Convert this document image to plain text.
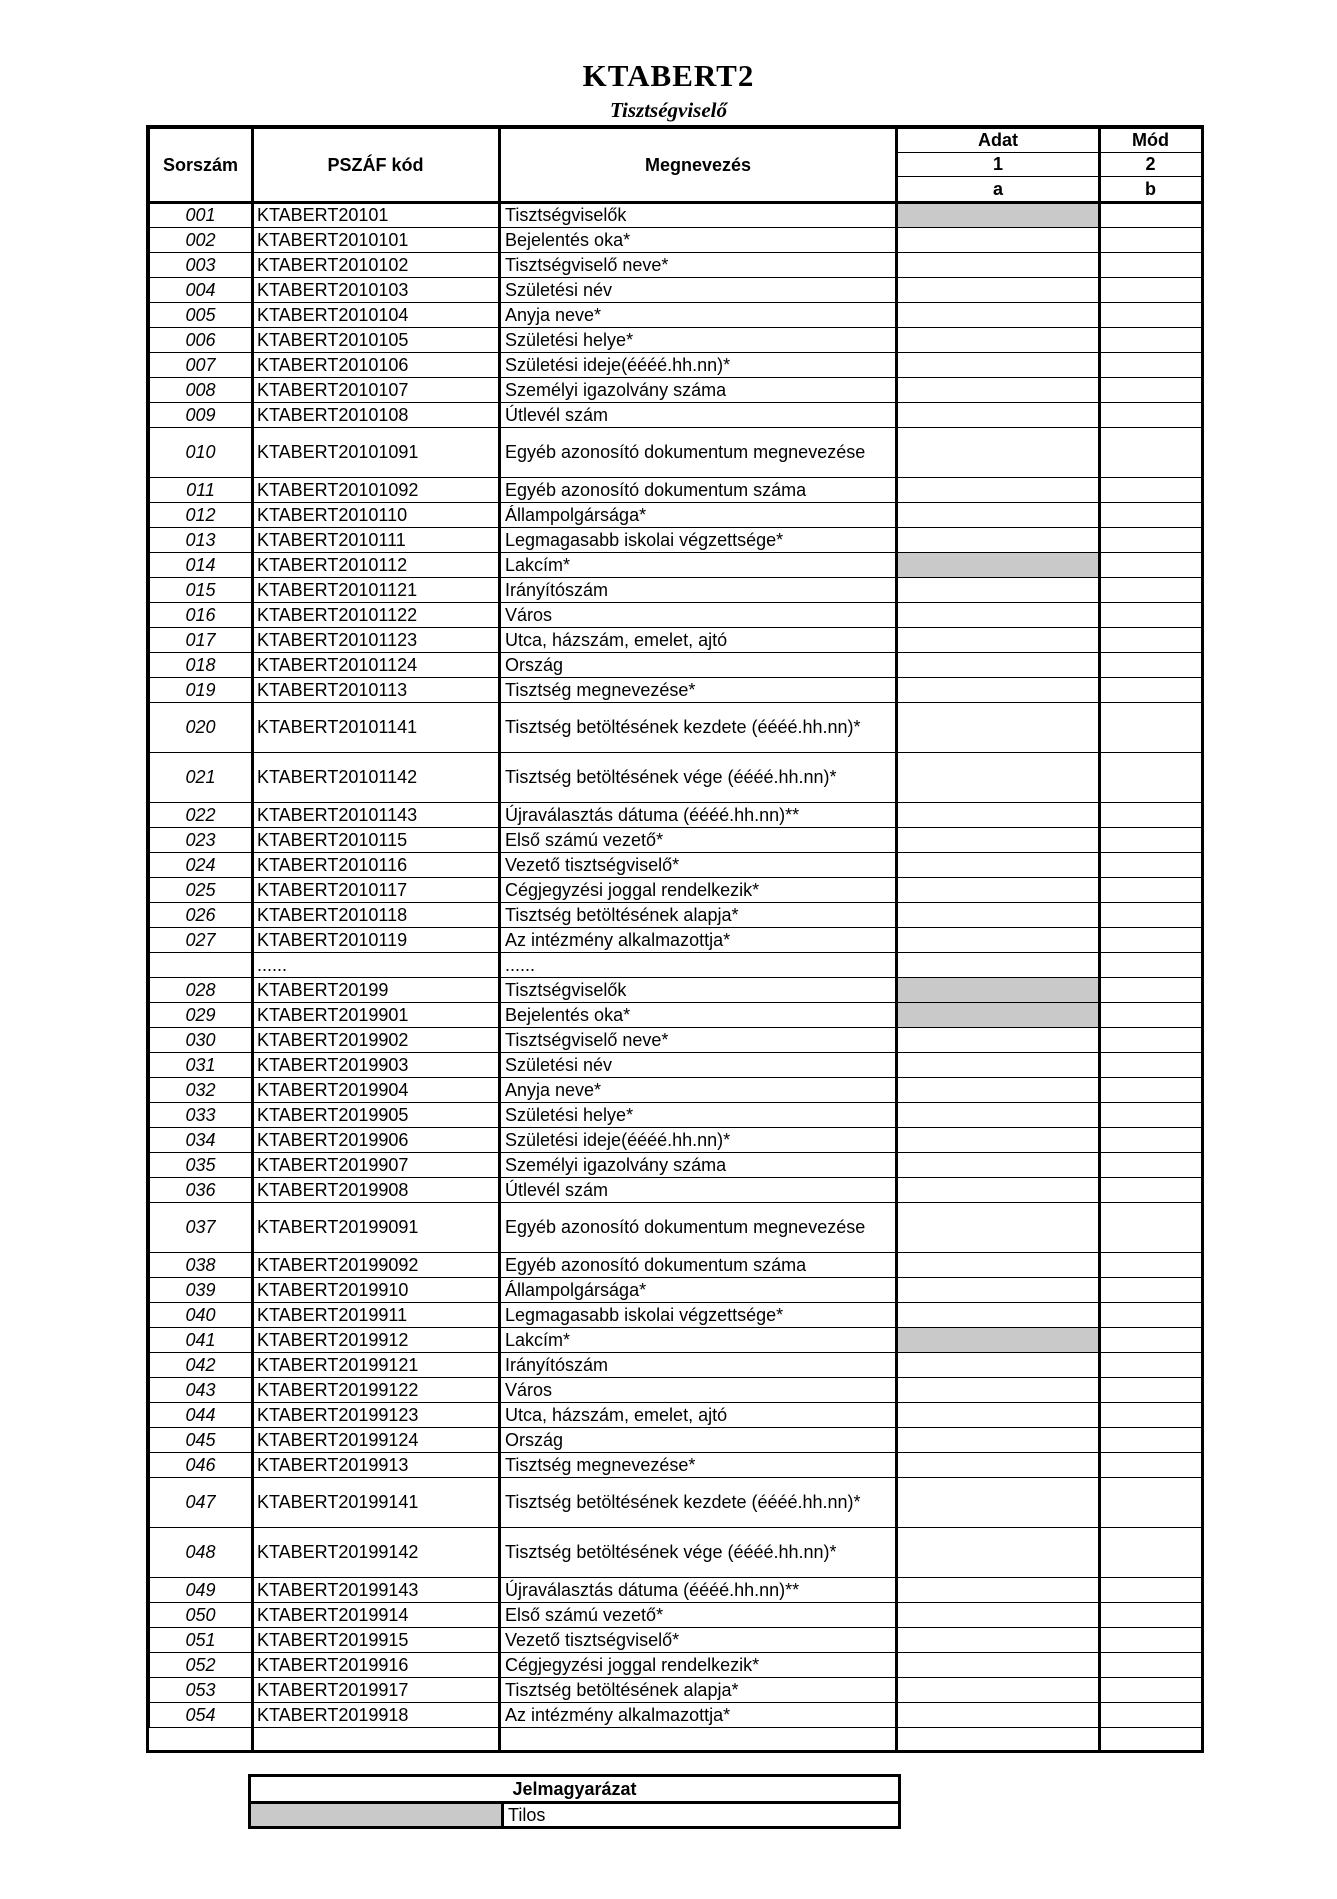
KTABERT2
Tisztségviselő
Sorszám	PSZÁF kód	Megnevezés	Adat	Mód
			1	2
			a	b
001	KTABERT20101	Tisztségviselők		
002	KTABERT2010101	Bejelentés oka*		
003	KTABERT2010102	Tisztségviselő neve*		
004	KTABERT2010103	Születési név		
005	KTABERT2010104	Anyja neve*		
006	KTABERT2010105	Születési helye*		
007	KTABERT2010106	Születési ideje(éééé.hh.nn)*		
008	KTABERT2010107	Személyi igazolvány száma		
009	KTABERT2010108	Útlevél szám		
010	KTABERT20101091	Egyéb azonosító dokumentum megnevezése		
011	KTABERT20101092	Egyéb azonosító dokumentum száma		
012	KTABERT2010110	Állampolgársága*		
013	KTABERT2010111	Legmagasabb iskolai végzettsége*		
014	KTABERT2010112	Lakcím*		
015	KTABERT20101121	Irányítószám		
016	KTABERT20101122	Város		
017	KTABERT20101123	Utca, házszám, emelet, ajtó		
018	KTABERT20101124	Ország		
019	KTABERT2010113	Tisztség megnevezése*		
020	KTABERT20101141	Tisztség betöltésének kezdete (éééé.hh.nn)*		
021	KTABERT20101142	Tisztség betöltésének vége (éééé.hh.nn)*		
022	KTABERT20101143	Újraválasztás dátuma (éééé.hh.nn)**		
023	KTABERT2010115	Első számú vezető*		
024	KTABERT2010116	Vezető tisztségviselő*		
025	KTABERT2010117	Cégjegyzési joggal rendelkezik*		
026	KTABERT2010118	Tisztség betöltésének alapja*		
027	KTABERT2010119	Az intézmény alkalmazottja*		
	......	......		
028	KTABERT20199	Tisztségviselők		
029	KTABERT2019901	Bejelentés oka*		
030	KTABERT2019902	Tisztségviselő neve*		
031	KTABERT2019903	Születési név		
032	KTABERT2019904	Anyja neve*		
033	KTABERT2019905	Születési helye*		
034	KTABERT2019906	Születési ideje(éééé.hh.nn)*		
035	KTABERT2019907	Személyi igazolvány száma		
036	KTABERT2019908	Útlevél szám		
037	KTABERT20199091	Egyéb azonosító dokumentum megnevezése		
038	KTABERT20199092	Egyéb azonosító dokumentum száma		
039	KTABERT2019910	Állampolgársága*		
040	KTABERT2019911	Legmagasabb iskolai végzettsége*		
041	KTABERT2019912	Lakcím*		
042	KTABERT20199121	Irányítószám		
043	KTABERT20199122	Város		
044	KTABERT20199123	Utca, házszám, emelet, ajtó		
045	KTABERT20199124	Ország		
046	KTABERT2019913	Tisztség megnevezése*		
047	KTABERT20199141	Tisztség betöltésének kezdete (éééé.hh.nn)*		
048	KTABERT20199142	Tisztség betöltésének vége (éééé.hh.nn)*		
049	KTABERT20199143	Újraválasztás dátuma (éééé.hh.nn)**		
050	KTABERT2019914	Első számú vezető*		
051	KTABERT2019915	Vezető tisztségviselő*		
052	KTABERT2019916	Cégjegyzési joggal rendelkezik*		
053	KTABERT2019917	Tisztség betöltésének alapja*		
054	KTABERT2019918	Az intézmény alkalmazottja*		
Jelmagyarázat
Tilos
